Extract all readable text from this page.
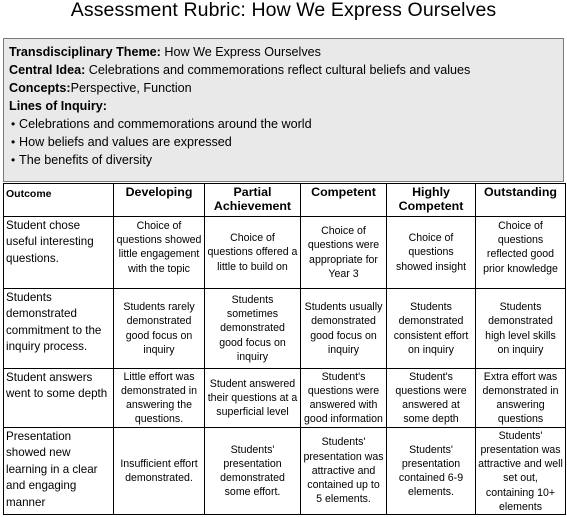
Assessment Rubric: How We Express Ourselves
Transdisciplinary Theme: How We Express Ourselves
Central Idea: Celebrations and commemorations reflect cultural beliefs and values
Concepts:Perspective, Function
Lines of Inquiry:
• Celebrations and commemorations around the world
• How beliefs and values are expressed
• The benefits of diversity
Outcome	Developing	Partial Achievement	Competent	Highly Competent	Outstanding
Student chose useful interesting questions.	Choice of questions showed little engagement with the topic	Choice of questions offered a little to build on	Choice of questions were appropriate for Year 3	Choice of questions showed insight	Choice of questions reflected good prior knowledge

Students demonstrated commitment to the inquiry process.	Students rarely demonstrated good focus on inquiry	Students sometimes demonstrated good focus on inquiry	Students usually demonstrated good focus on inquiry	Students demonstrated consistent effort on inquiry	Students demonstrated high level skills on inquiry

Student answers went to some depth	Little effort was demonstrated in answering the questions.	Student answered their questions at a superficial level	Student's questions were answered with good information	Student's questions were answered at some depth	Extra effort was demonstrated in answering questions

Presentation showed new learning in a clear and engaging manner	Insufficient effort demonstrated.	Students' presentation demonstrated some effort.	Students' presentation was attractive and contained up to 5 elements.	Students' presentation contained 6-9 elements.	Students' presentation was attractive and well set out, containing 10+ elements
